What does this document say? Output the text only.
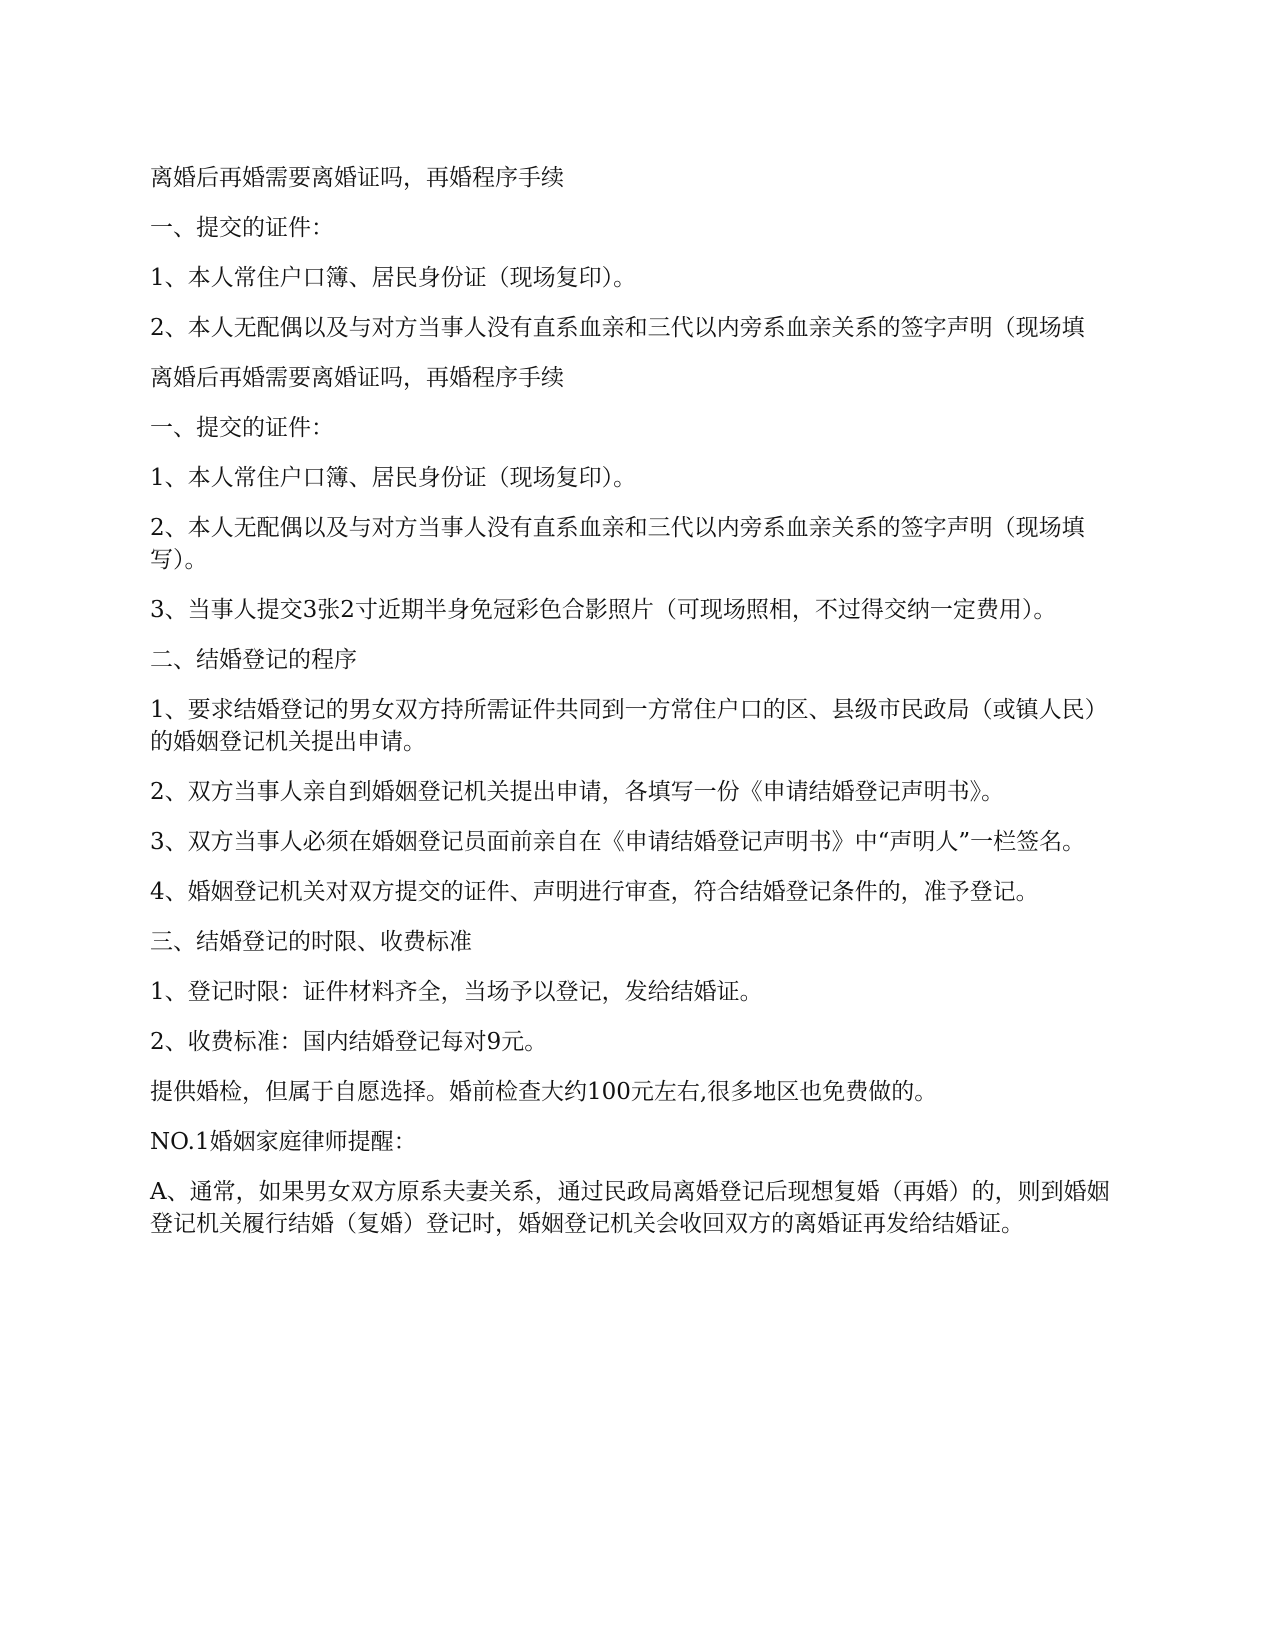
离婚后再婚需要离婚证吗，再婚程序手续

一、提交的证件：

1、本人常住户口簿、居民身份证（现场复印）。

2、本人无配偶以及与对方当事人没有直系血亲和三代以内旁系血亲关系的签字声明（现场填

离婚后再婚需要离婚证吗，再婚程序手续

一、提交的证件：

1、本人常住户口簿、居民身份证（现场复印）。

2、本人无配偶以及与对方当事人没有直系血亲和三代以内旁系血亲关系的签字声明（现场填写）。

3、当事人提交3张2寸近期半身免冠彩色合影照片（可现场照相，不过得交纳一定费用）。

二、结婚登记的程序

1、要求结婚登记的男女双方持所需证件共同到一方常住户口的区、县级市民政局（或镇人民）的婚姻登记机关提出申请。

2、双方当事人亲自到婚姻登记机关提出申请，各填写一份《申请结婚登记声明书》。

3、双方当事人必须在婚姻登记员面前亲自在《申请结婚登记声明书》中“声明人”一栏签名。

4、婚姻登记机关对双方提交的证件、声明进行审查，符合结婚登记条件的，准予登记。

三、结婚登记的时限、收费标准

1、登记时限：证件材料齐全，当场予以登记，发给结婚证。

2、收费标准：国内结婚登记每对9元。

提供婚检，但属于自愿选择。婚前检查大约100元左右,很多地区也免费做的。

NO.1婚姻家庭律师提醒：

A、通常，如果男女双方原系夫妻关系，通过民政局离婚登记后现想复婚（再婚）的，则到婚姻登记机关履行结婚（复婚）登记时，婚姻登记机关会收回双方的离婚证再发给结婚证。
